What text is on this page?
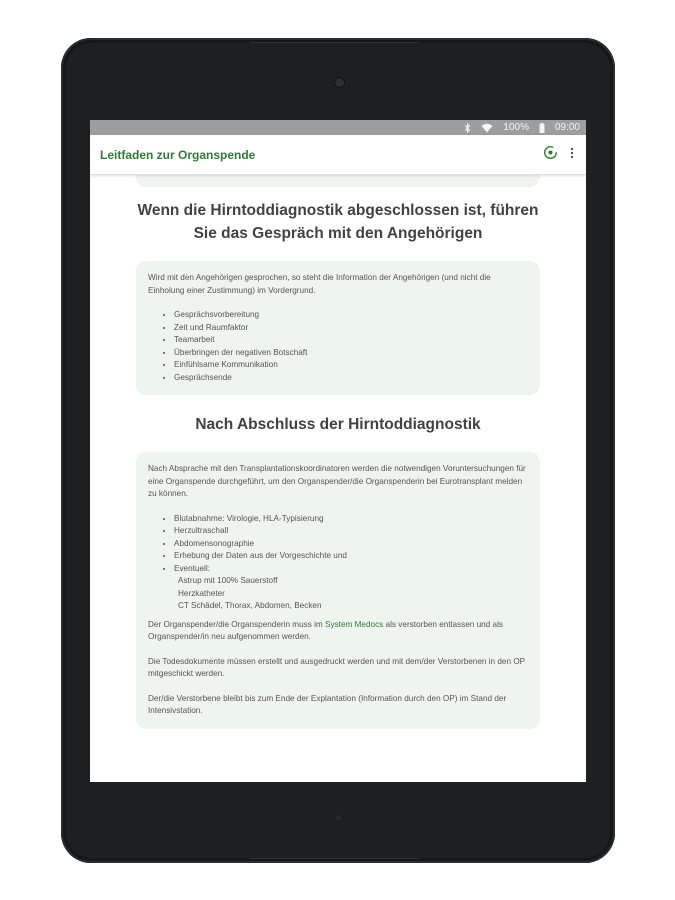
100%	09:00
Leitfaden zur Organspende
Wenn die Hirntoddiagnostik abgeschlossen ist, führen Sie das Gespräch mit den Angehörigen

Wird mit den Angehörigen gesprochen, so steht die Information der Angehörigen (und nicht die Einholung einer Zustimmung) im Vordergrund.

• Gesprächsvorbereitung
• Zeit und Raumfaktor
• Teamarbeit
• Überbringen der negativen Botschaft
• Einfühlsame Kommunikation
• Gesprächsende
Nach Abschluss der Hirntoddiagnostik

Nach Absprache mit den Transplantationskoordinatoren werden die notwendigen Voruntersuchungen für eine Organspende durchgeführt, um den Organspender/die Organspenderin bei Eurotransplant melden zu können.

• Blutabnahme: Virologie, HLA-Typisierung
• Herzultraschall
• Abdomensonographie
• Erhebung der Daten aus der Vorgeschichte und
• Eventuell:
Astrup mit 100% Sauerstoff
Herzkatheter
CT Schädel, Thorax, Abdomen, Becken

Der Organspender/die Organspenderin muss im System Medocs als verstorben entlassen und als Organspender/in neu aufgenommen werden.

Die Todesdokumente müssen erstellt und ausgedruckt werden und mit dem/der Verstorbenen in den OP mitgeschickt werden.

Der/die Verstorbene bleibt bis zum Ende der Explantation (Information durch den OP) im Stand der Intensivstation.
